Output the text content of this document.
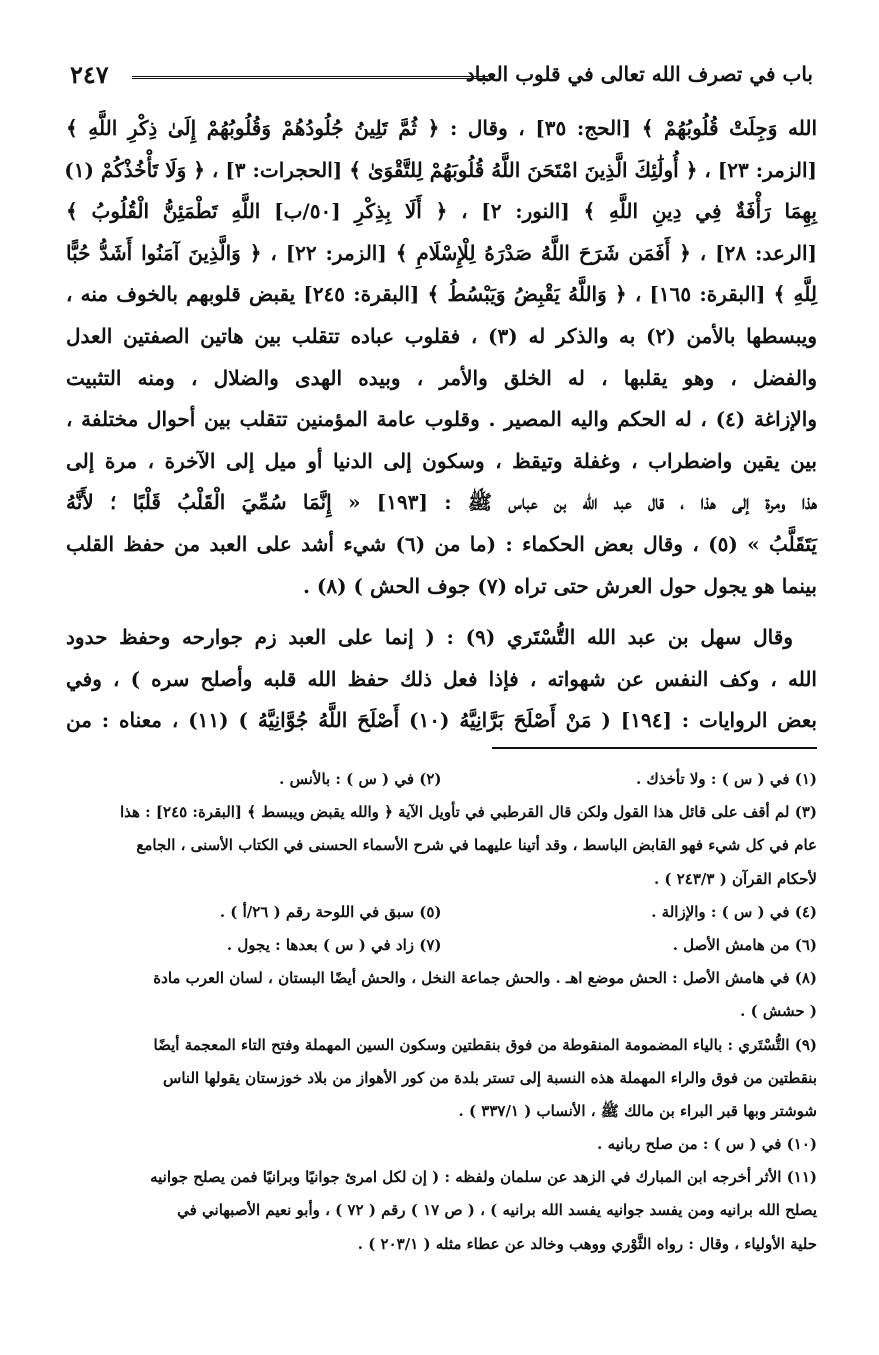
باب في تصرف الله تعالى في قلوب العباد
٢٤٧
الله وَجِلَتْ قُلُوبُهُمْ ﴾ [الحج: ٣٥] ، وقال : ﴿ ثُمَّ تَلِينُ جُلُودُهُمْ وَقُلُوبُهُمْ إِلَىٰ ذِكْرِ اللَّهِ ﴾
[الزمر: ٢٣] ، ﴿ أُولَٰئِكَ الَّذِينَ امْتَحَنَ اللَّهُ قُلُوبَهُمْ لِلتَّقْوَىٰ ﴾ [الحجرات: ٣] ، ﴿ وَلَا تَأْخُذْكُمْ (١)
بِهِمَا رَأْفَةٌ فِي دِينِ اللَّهِ ﴾ [النور: ٢] ، ﴿ أَلَا بِذِكْرِ [٥٠/ب] اللَّهِ تَطْمَئِنُّ الْقُلُوبُ ﴾
[الرعد: ٢٨] ، ﴿ أَفَمَن شَرَحَ اللَّهُ صَدْرَهُ لِلْإِسْلَامِ ﴾ [الزمر: ٢٢] ، ﴿ وَالَّذِينَ آمَنُوا أَشَدُّ حُبًّا
لِلَّهِ ﴾ [البقرة: ١٦٥] ، ﴿ وَاللَّهُ يَقْبِضُ وَيَبْسُطُ ﴾ [البقرة: ٢٤٥] يقبض قلوبهم بالخوف منه ،
ويبسطها بالأمن (٢) به والذكر له (٣) ، فقلوب عباده تتقلب بين هاتين الصفتين العدل
والفضل ، وهو يقلبها ، له الخلق والأمر ، وبيده الهدى والضلال ، ومنه التثبيت
والإزاغة (٤) ، له الحكم واليه المصير . وقلوب عامة المؤمنين تتقلب بين أحوال مختلفة ،
بين يقين واضطراب ، وغفلة وتيقظ ، وسكون إلى الدنيا أو ميل إلى الآخرة ، مرة إلى
هذا ومرة إلى هذا ، قال عبد الله بن عباس ﷺ : [١٩٣] « إِنَّمَا سُمِّيَ الْقَلْبُ قَلْبًا ؛ لأَنَّهُ
يَتَقَلَّبُ » (٥) ، وقال بعض الحكماء : (ما من (٦) شيء أشد على العبد من حفظ القلب
بينما هو يجول حول العرش حتى تراه (٧) جوف الحش ) (٨) .
وقال سهل بن عبد الله التُّسْتَري (٩) : ( إنما على العبد زم جوارحه وحفظ حدود
الله ، وكف النفس عن شهواته ، فإذا فعل ذلك حفظ الله قلبه وأصلح سره ) ، وفي
بعض الروايات : [١٩٤] ( مَنْ أَصْلَحَ بَرَّانِيَّهُ (١٠) أَصْلَحَ اللَّهُ جُوَّانِيَّهُ ) (١١) ، معناه : من
(١) في ( س ) : ولا تأخذك .
(٢) في ( س ) : بالأنس .
(٣) لم أقف على قائل هذا القول ولكن قال القرطبي في تأويل الآية ﴿ والله يقبض ويبسط ﴾ [البقرة: ٢٤٥] : هذا
عام في كل شيء فهو القابض الباسط ، وقد أتينا عليهما في شرح الأسماء الحسنى في الكتاب الأسنى ، الجامع
لأحكام القرآن ( ٢٤٣/٣ ) .
(٤) في ( س ) : والإزالة .
(٥) سبق في اللوحة رقم ( ٢٦/أ ) .
(٦) من هامش الأصل .
(٧) زاد في ( س ) بعدها : يجول .
(٨) في هامش الأصل : الحش موضع اهـ . والحش جماعة النخل ، والحش أيضًا البستان ، لسان العرب مادة
( حشش ) .
(٩) التُّسْتَري : بالياء المضمومة المنقوطة من فوق بنقطتين وسكون السين المهملة وفتح التاء المعجمة أيضًا
بنقطتين من فوق والراء المهملة هذه النسبة إلى تستر بلدة من كور الأهواز من بلاد خوزستان يقولها الناس
شوشتر وبها قبر البراء بن مالك ﷺ ، الأنساب ( ٣٣٧/١ ) .
(١٠) في ( س ) : من صلح ربانيه .
(١١) الأثر أخرجه ابن المبارك في الزهد عن سلمان ولفظه : ( إن لكل امرئ جوانيًا وبرانيًا فمن يصلح جوانيه
يصلح الله برانيه ومن يفسد جوانيه يفسد الله برانيه ) ، ( ص ١٧ ) رقم ( ٧٢ ) ، وأبو نعيم الأصبهاني في
حلية الأولياء ، وقال : رواه الثَّوْري ووهب وخالد عن عطاء مثله ( ٢٠٣/١ ) .
